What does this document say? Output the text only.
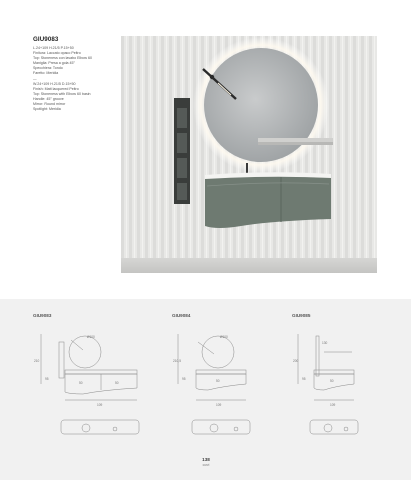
GIU9083
L.24+109 H.21/5 P.15+50
Finitura: Laccato opaco Peltro
Top: Stoneness con lavabo Elbow 60
Maniglia: Presa a gola 45°
Specchiera: Tondo
Faretto: Meridia
—
W.24+109 H.21/5 D.15+50
Finish: Matt lacquered Peltro
Top: Stoneness with Elbow 60 basin
Handle: 45° groove
Mirror: Round mirror
Spotlight: Meridia
GIU9083	GIU9084	GIU9085
Ø100
210
95
50	50
109
Ø100
210,5
95	50
109
130
200
95	50
109
138
curvi
